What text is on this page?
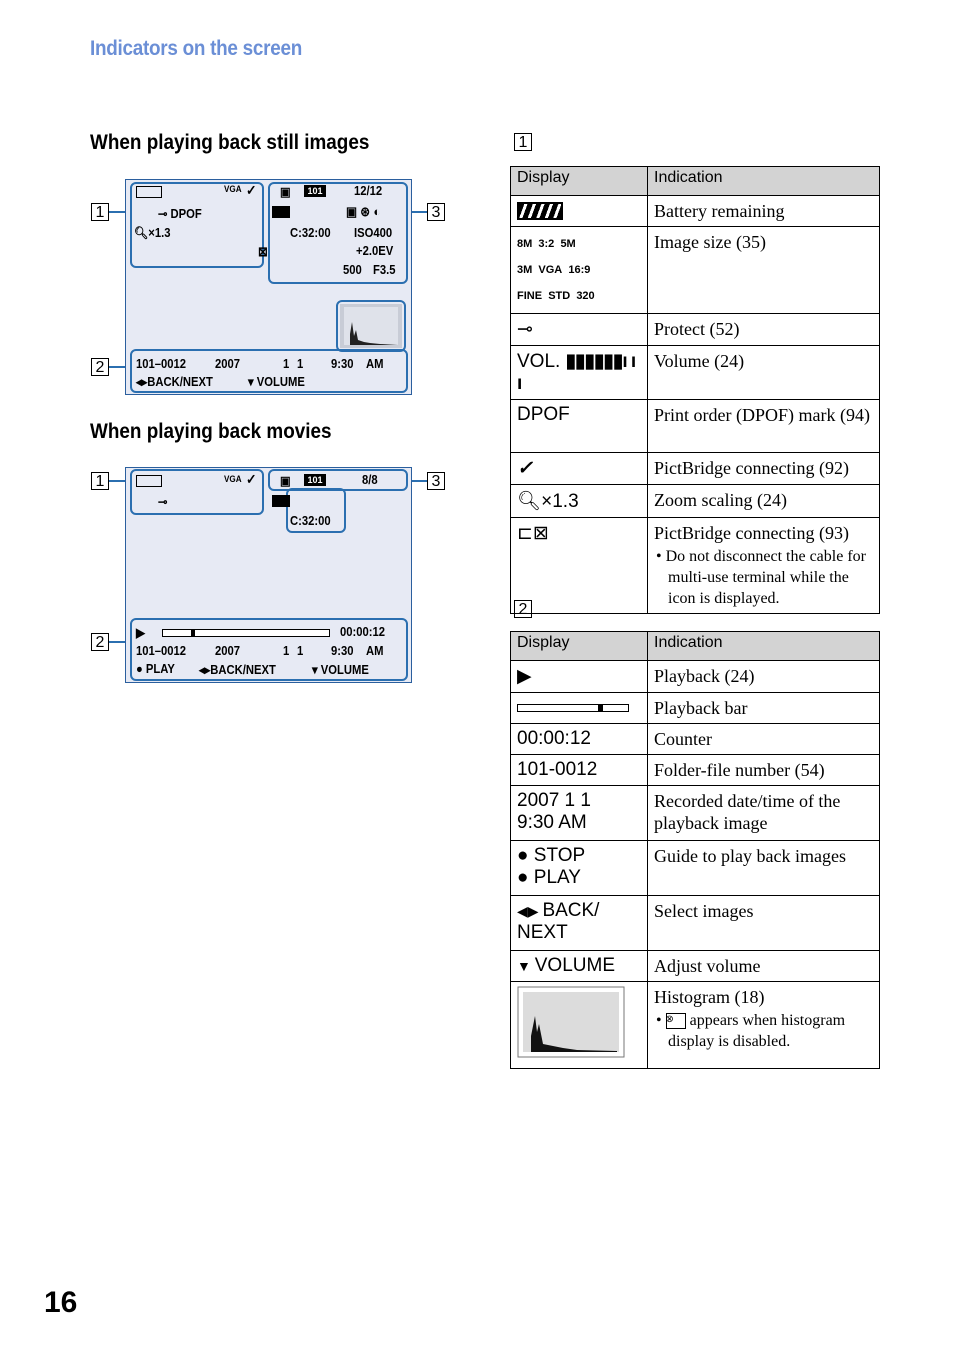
Indicators on the screen
When playing back still images
1
2
3
VGA ✓
⊸ DPOF
🔍︎×1.3
⊠
▣	101	12/12
▣ ⊛ ◐
C:32:00 ISO400
+2.0EV
500 F3.5
101–0012 2007	1 1 9:30 AM
◂▸BACK/NEXT	▾ VOLUME
When playing back movies
1
2
3
VGA ✓
⊸
▣	101	8/8
C:32:00
▶	00:00:12
101–0012 2007	1 1 9:30 AM
● PLAY ◂▸BACK/NEXT	▾ VOLUME
1
Display	Indication
	Battery remaining
8M 3:2 5M
3M VGA 16:9
FINE STD 320	Image size (35)
⊸	Protect (52)
VOL. ▮▮▮▮▮▮ı ı ı	Volume (24)
DPOF	Print order (DPOF) mark (94)
✓	PictBridge connecting (92)
🔍︎×1.3	Zoom scaling (24)
⊏⊠	PictBridge connecting (93)
• Do not disconnect the cable for multi-use terminal while the icon is displayed.
2
Display	Indication
▶	Playback (24)

	Playback bar
00:00:12	Counter
101-0012	Folder-file number (54)

2007 1 1
9:30 AM	Recorded date/time of the playback image

● STOP
● PLAY	Guide to play back images

◀▶ BACK/
NEXT	Select images
▼ VOLUME	Adjust volume

Histogram (18)
• ⊗ appears when histogram display is disabled.
16
